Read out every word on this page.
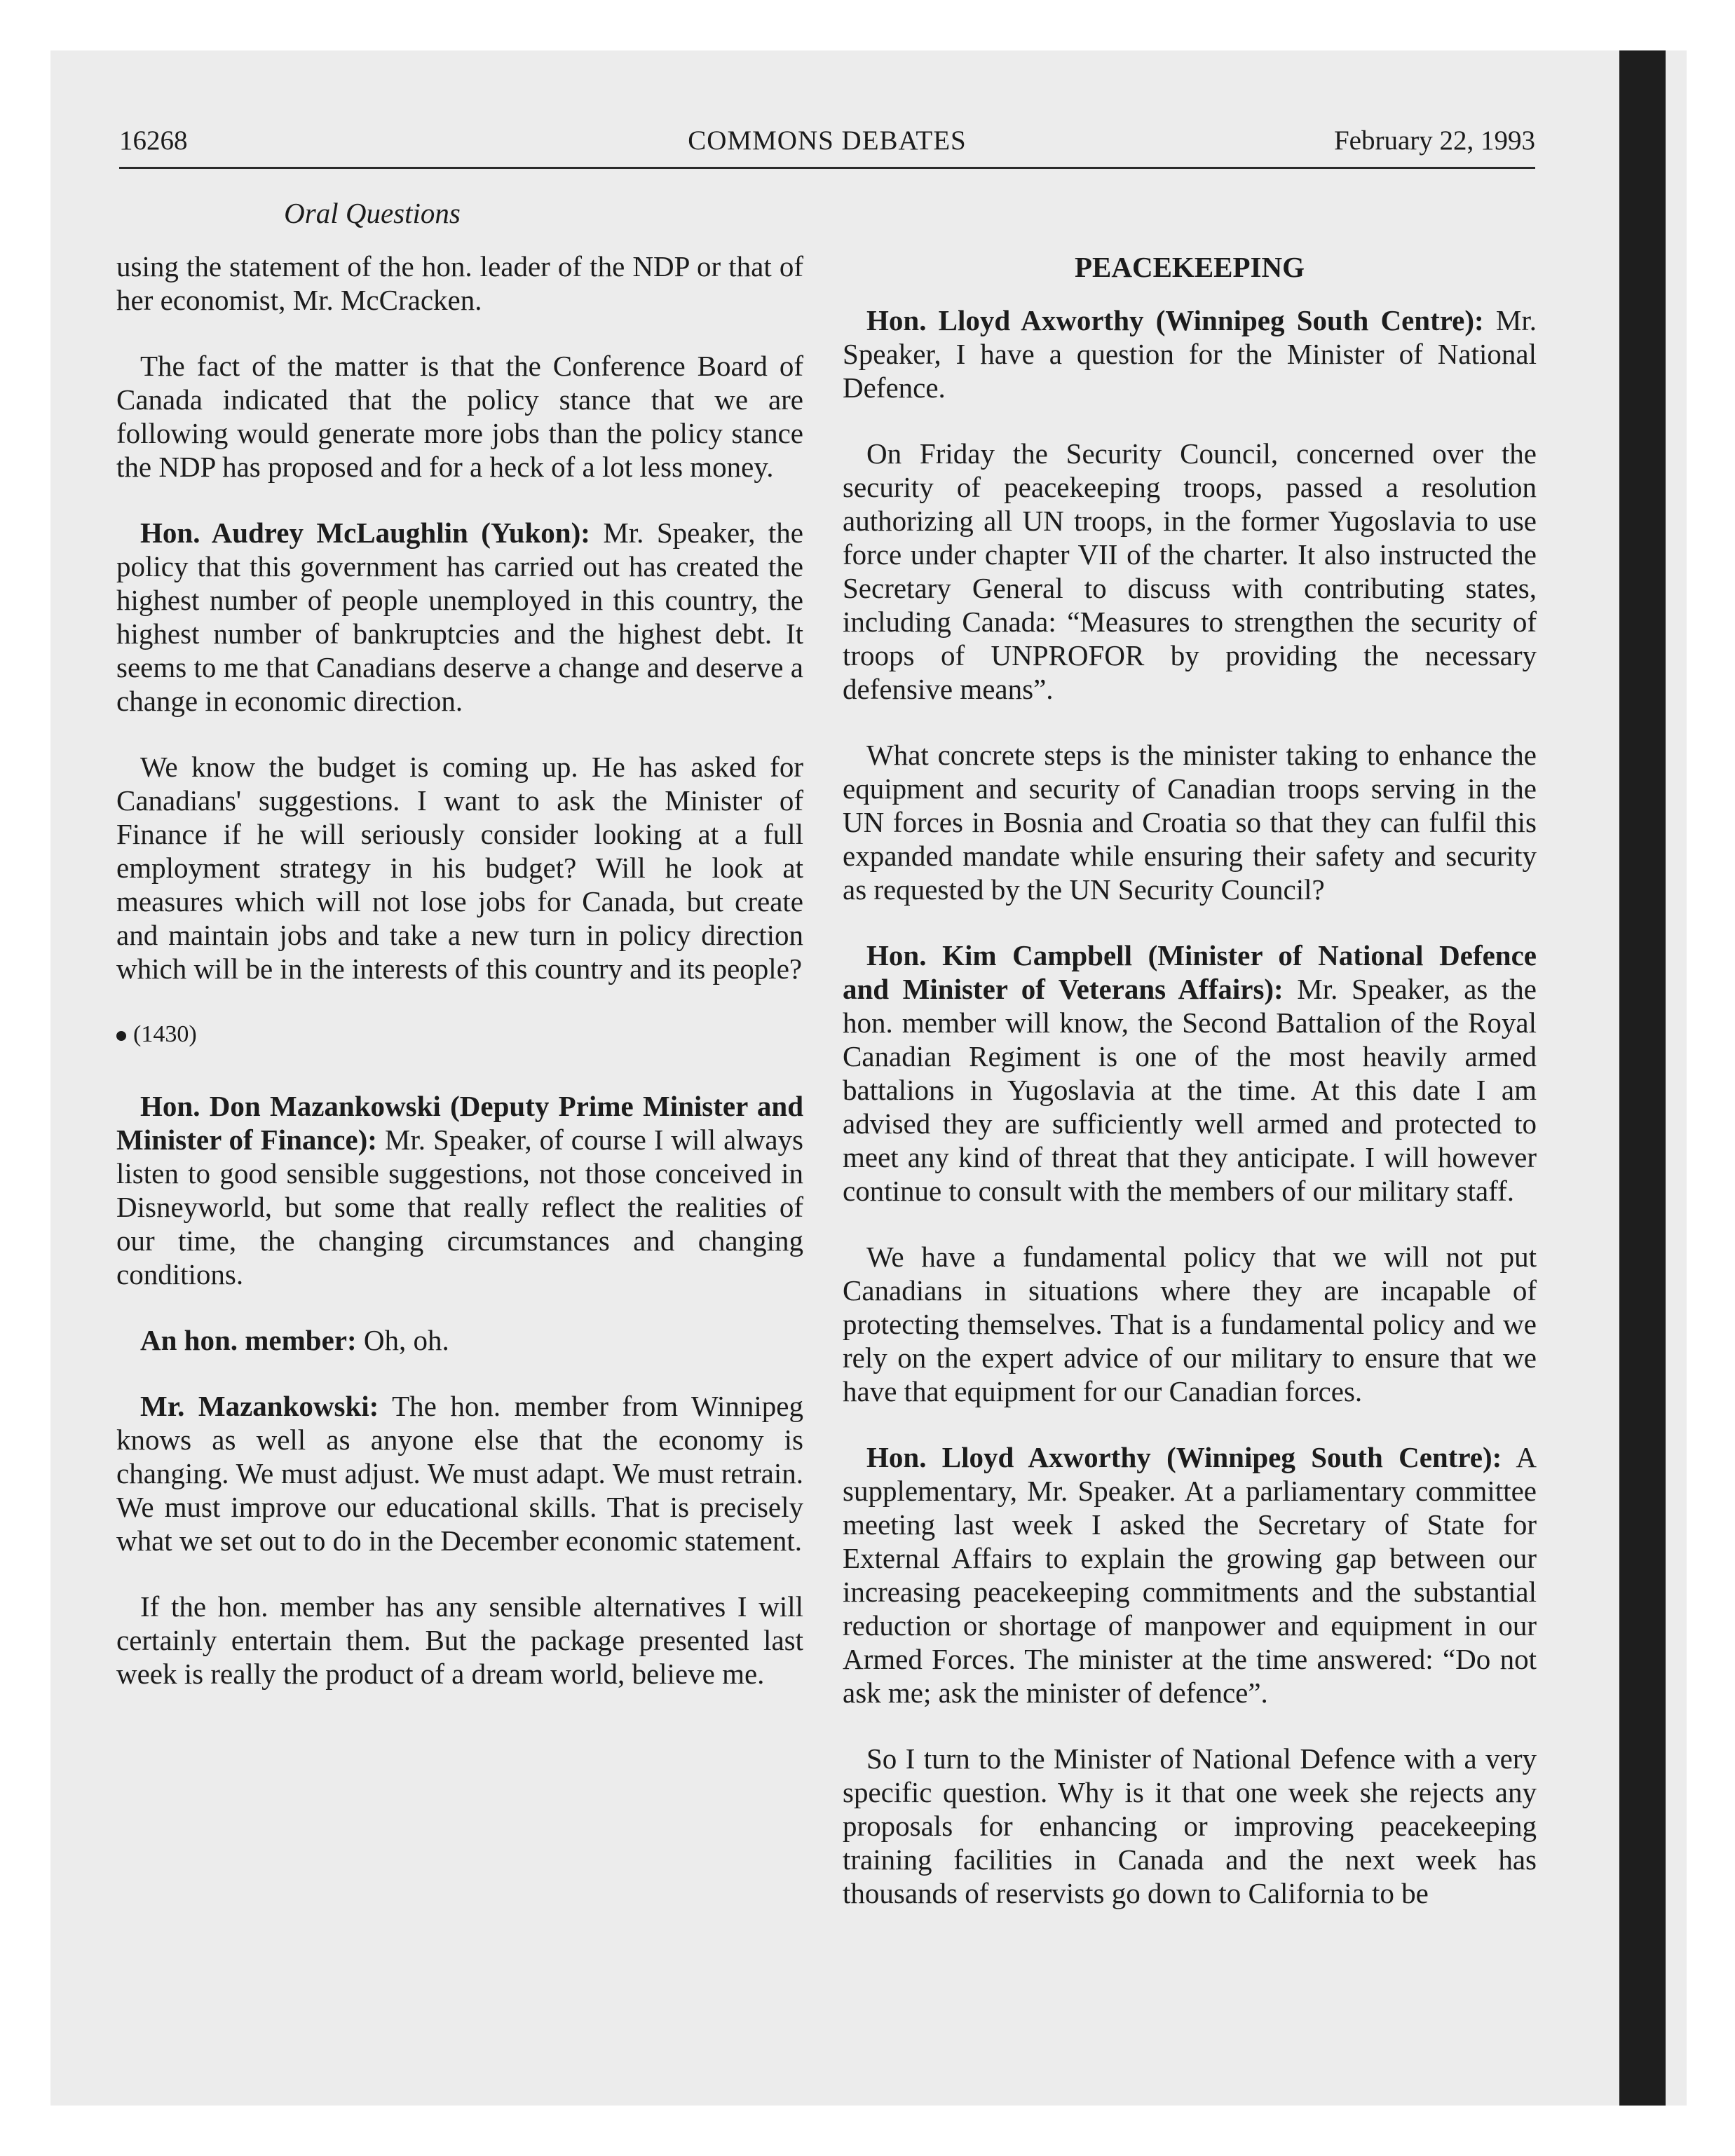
16268	COMMONS DEBATES	February 22, 1993
Oral Questions

using the statement of the hon. leader of the NDP or that of her economist, Mr. McCracken.

The fact of the matter is that the Conference Board of Canada indicated that the policy stance that we are following would generate more jobs than the policy stance the NDP has proposed and for a heck of a lot less money.

Hon. Audrey McLaughlin (Yukon): Mr. Speaker, the policy that this government has carried out has created the highest number of people unemployed in this country, the highest number of bankruptcies and the highest debt. It seems to me that Canadians deserve a change and deserve a change in economic direction.

We know the budget is coming up. He has asked for Canadians' suggestions. I want to ask the Minister of Finance if he will seriously consider looking at a full employment strategy in his budget? Will he look at measures which will not lose jobs for Canada, but create and maintain jobs and take a new turn in policy direction which will be in the interests of this country and its people?

(1430)

Hon. Don Mazankowski (Deputy Prime Minister and Minister of Finance): Mr. Speaker, of course I will always listen to good sensible suggestions, not those conceived in Disneyworld, but some that really reflect the realities of our time, the changing circumstances and changing conditions.

An hon. member: Oh, oh.

Mr. Mazankowski: The hon. member from Winnipeg knows as well as anyone else that the economy is changing. We must adjust. We must adapt. We must retrain. We must improve our educational skills. That is precisely what we set out to do in the December economic statement.

If the hon. member has any sensible alternatives I will certainly entertain them. But the package presented last week is really the product of a dream world, believe me.

PEACEKEEPING

Hon. Lloyd Axworthy (Winnipeg South Centre): Mr. Speaker, I have a question for the Minister of National Defence.

On Friday the Security Council, concerned over the security of peacekeeping troops, passed a resolution authorizing all UN troops, in the former Yugoslavia to use force under chapter VII of the charter. It also instructed the Secretary General to discuss with contributing states, including Canada: “Measures to strengthen the security of troops of UNPROFOR by providing the necessary defensive means”.

What concrete steps is the minister taking to enhance the equipment and security of Canadian troops serving in the UN forces in Bosnia and Croatia so that they can fulfil this expanded mandate while ensuring their safety and security as requested by the UN Security Council?

Hon. Kim Campbell (Minister of National Defence and Minister of Veterans Affairs): Mr. Speaker, as the hon. member will know, the Second Battalion of the Royal Canadian Regiment is one of the most heavily armed battalions in Yugoslavia at the time. At this date I am advised they are sufficiently well armed and protected to meet any kind of threat that they anticipate. I will however continue to consult with the members of our military staff.

We have a fundamental policy that we will not put Canadians in situations where they are incapable of protecting themselves. That is a fundamental policy and we rely on the expert advice of our military to ensure that we have that equipment for our Canadian forces.

Hon. Lloyd Axworthy (Winnipeg South Centre): A supplementary, Mr. Speaker. At a parliamentary committee meeting last week I asked the Secretary of State for External Affairs to explain the growing gap between our increasing peacekeeping commitments and the substantial reduction or shortage of manpower and equipment in our Armed Forces. The minister at the time answered: “Do not ask me; ask the minister of defence”.

So I turn to the Minister of National Defence with a very specific question. Why is it that one week she rejects any proposals for enhancing or improving peacekeeping training facilities in Canada and the next week has thousands of reservists go down to California to be
